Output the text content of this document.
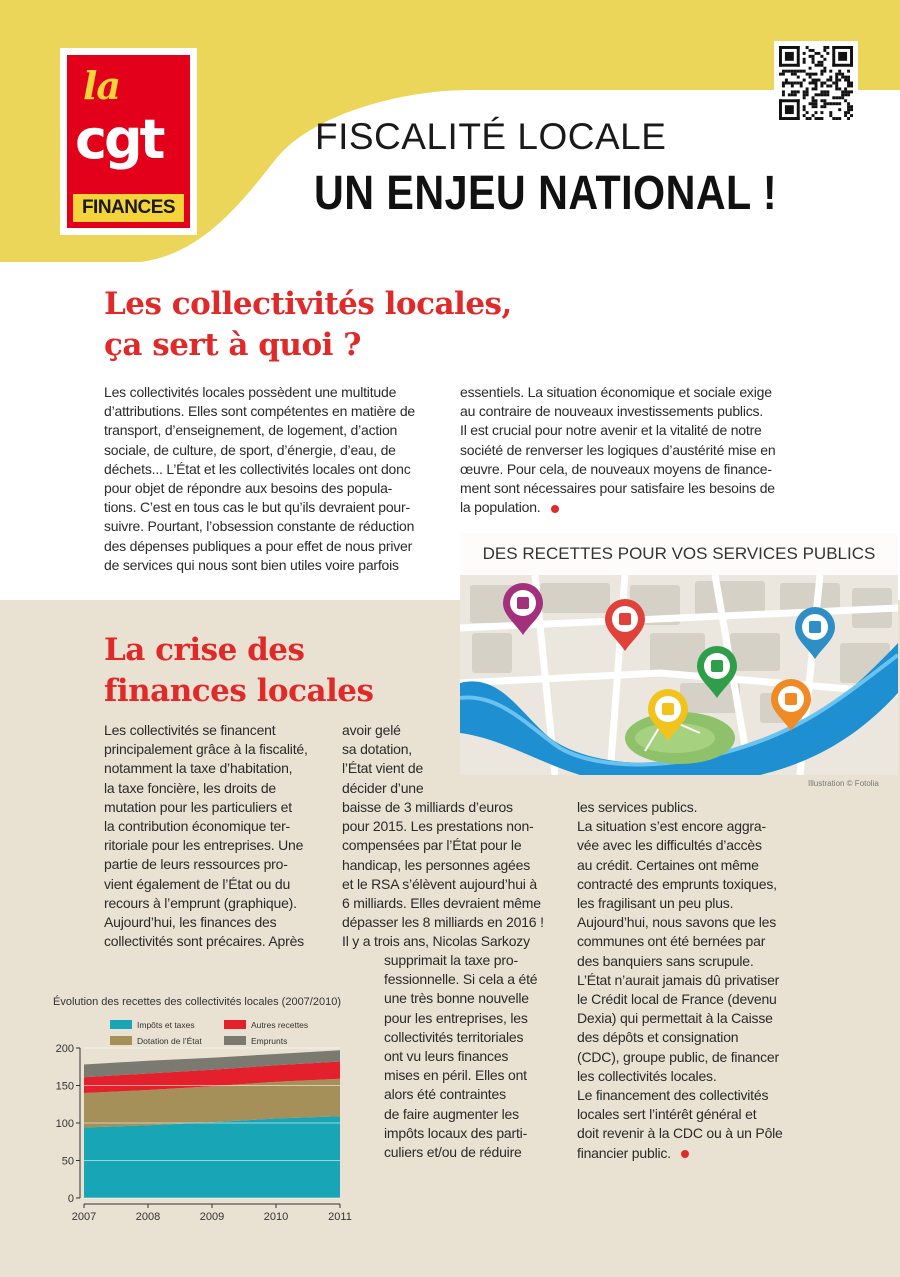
la
cgt
FINANCES
FISCALITÉ LOCALE
UN ENJEU NATIONAL !
Les collectivités locales,
ça sert à quoi ?
Les collectivités locales possèdent une multitude
d’attributions. Elles sont compétentes en matière de
transport, d’enseignement, de logement, d’action
sociale, de culture, de sport, d’énergie, d’eau, de
déchets... L’État et les collectivités locales ont donc
pour objet de répondre aux besoins des popula-
tions. C’est en tous cas le but qu’ils devraient pour-
suivre. Pourtant, l’obsession constante de réduction
des dépenses publiques a pour effet de nous priver
de services qui nous sont bien utiles voire parfois
essentiels. La situation économique et sociale exige
au contraire de nouveaux investissements publics.
Il est crucial pour notre avenir et la vitalité de notre
société de renverser les logiques d’austérité mise en
œuvre. Pour cela, de nouveaux moyens de finance-
ment sont nécessaires pour satisfaire les besoins de
la population.
DES RECETTES POUR VOS SERVICES PUBLICS
Illustration © Fotolia
La crise des
finances locales
Les collectivités se financent
principalement grâce à la fiscalité,
notamment la taxe d’habitation,
la taxe foncière, les droits de
mutation pour les particuliers et
la contribution économique ter-
ritoriale pour les entreprises. Une
partie de leurs ressources pro-
vient également de l’État ou du
recours à l’emprunt (graphique).
Aujourd’hui, les finances des
collectivités sont précaires. Après
avoir gelé
sa dotation,
l’État vient de
décider d’une
baisse de 3 milliards d’euros
pour 2015. Les prestations non-
compensées par l’État pour le
handicap, les personnes agées
et le RSA s’élèvent aujourd’hui à
6 milliards. Elles devraient même
dépasser les 8 milliards en 2016 !
Il y a trois ans, Nicolas Sarkozy
supprimait la taxe pro-
fessionnelle. Si cela a été
une très bonne nouvelle
pour les entreprises, les
collectivités territoriales
ont vu leurs finances
mises en péril. Elles ont
alors été contraintes
de faire augmenter les
impôts locaux des parti-
culiers et/ou de réduire
les services publics.
La situation s’est encore aggra-
vée avec les difficultés d’accès
au crédit. Certaines ont même
contracté des emprunts toxiques,
les fragilisant un peu plus.
Aujourd’hui, nous savons que les
communes ont été bernées par
des banquiers sans scrupule.
L’État n’aurait jamais dû privatiser
le Crédit local de France (devenu
Dexia) qui permettait à la Caisse
des dépôts et consignation
(CDC), groupe public, de financer
les collectivités locales.
Le financement des collectivités
locales sert l’intérêt général et
doit revenir à la CDC ou à un Pôle
financier public.
Évolution des recettes des collectivités locales (2007/2010)
Impôts et taxes	Autres recettes
Dotation de l’État	Emprunts
0
50
100
150
200
2007	2008	2009	2010	2011
